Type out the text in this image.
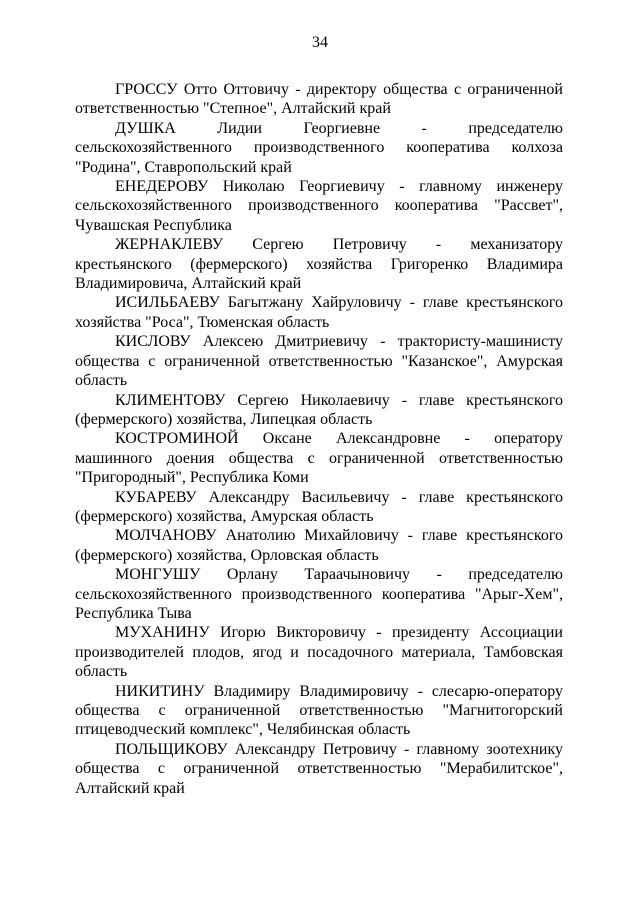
34

ГРОССУ Отто Оттовичу - директору общества с ограниченной ответственностью "Степное", Алтайский край

ДУШКА Лидии Георгиевне - председателю сельскохозяйственного производственного кооператива колхоза "Родина", Ставропольский край

ЕНЕДЕРОВУ Николаю Георгиевичу - главному инженеру сельскохозяйственного производственного кооператива "Рассвет", Чувашская Республика

ЖЕРНАКЛЕВУ Сергею Петровичу - механизатору крестьянского (фермерского) хозяйства Григоренко Владимира Владимировича, Алтайский край

ИСИЛЬБАЕВУ Багытжану Хайруловичу - главе крестьянского хозяйства "Роса", Тюменская область

КИСЛОВУ Алексею Дмитриевичу - трактористу-машинисту общества с ограниченной ответственностью "Казанское", Амурская область

КЛИМЕНТОВУ Сергею Николаевичу - главе крестьянского (фермерского) хозяйства, Липецкая область

КОСТРОМИНОЙ Оксане Александровне - оператору машинного доения общества с ограниченной ответственностью "Пригородный", Республика Коми

КУБАРЕВУ Александру Васильевичу - главе крестьянского (фермерского) хозяйства, Амурская область

МОЛЧАНОВУ Анатолию Михайловичу - главе крестьянского (фермерского) хозяйства, Орловская область

МОНГУШУ Орлану Тараачыновичу - председателю сельскохозяйственного производственного кооператива "Арыг-Хем", Республика Тыва

МУХАНИНУ Игорю Викторовичу - президенту Ассоциации производителей плодов, ягод и посадочного материала, Тамбовская область

НИКИТИНУ Владимиру Владимировичу - слесарю-оператору общества с ограниченной ответственностью "Магнитогорский птицеводческий комплекс", Челябинская область

ПОЛЬЩИКОВУ Александру Петровичу - главному зоотехнику общества с ограниченной ответственностью "Мерабилитское", Алтайский край
